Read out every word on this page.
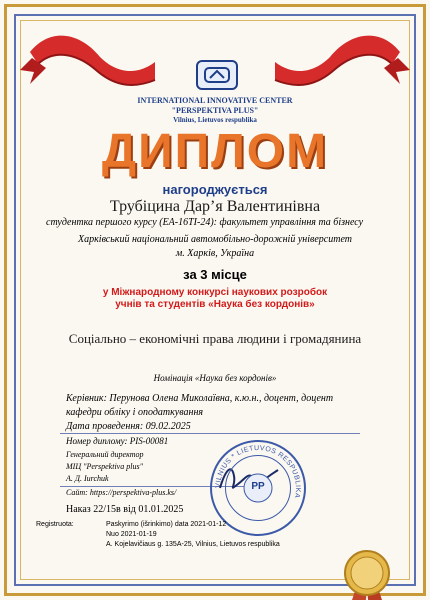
INTERNATIONAL INNOVATIVE CENTER
"PERSPEKTIVA PLUS"
Vilnius, Lietuvos respublika
ДИПЛОМ
нагороджується
Трубіцина Дар’я Валентинівна
студентка першого курсу (ЕА-16ТІ-24): факультет управління та бізнесу
Харківський національний автомобільно-дорожній університет
м. Харків, Україна
за 3 місце
у Міжнародному конкурсі наукових розробок
учнів та студентів «Наука без кордонів»
Соціально – економічні права людини і громадянина
Номінація «Наука без кордонів»
Керівник: Перунова Олена Миколаївна, к.ю.н., доцент, доцент
кафедри обліку і оподаткування
Дата проведення: 09.02.2025
Номер диплому: PIS-00081
Генеральний директор
МІЦ "Perspektiva plus"
А. Д. Іurchuk
Сайт: https://perspektiva-plus.ks/
Наказ 22/15в від 01.01.2025
VILNIUS * LIETUVOS RESPUBLIKA
PP
Registruota:	Paskyrimo (išrinkimo) data 2021-01-12
Nuo 2021-01-19
A. Kojelavičiaus g. 135A-25, Vilnius, Lietuvos respublika
